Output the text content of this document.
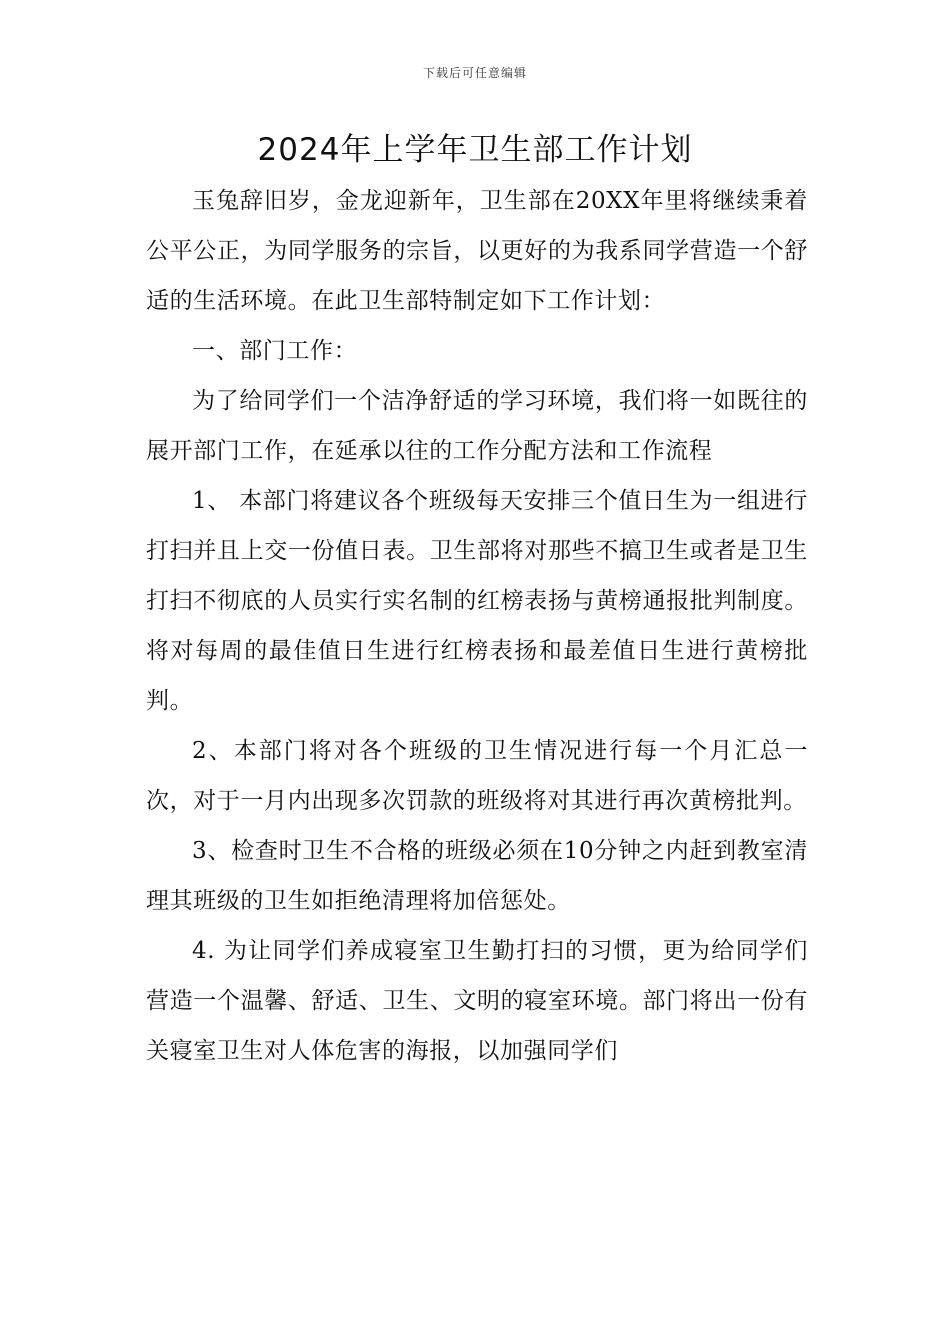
下载后可任意编辑
2024年上学年卫生部工作计划

玉兔辞旧岁，金龙迎新年，卫生部在20XX年里将继续秉着公平公正，为同学服务的宗旨，以更好的为我系同学营造一个舒适的生活环境。在此卫生部特制定如下工作计划：

一、部门工作：

为了给同学们一个洁净舒适的学习环境，我们将一如既往的展开部门工作，在延承以往的工作分配方法和工作流程

1、 本部门将建议各个班级每天安排三个值日生为一组进行打扫并且上交一份值日表。卫生部将对那些不搞卫生或者是卫生打扫不彻底的人员实行实名制的红榜表扬与黄榜通报批判制度。将对每周的最佳值日生进行红榜表扬和最差值日生进行黄榜批判。

2、本部门将对各个班级的卫生情况进行每一个月汇总一次，对于一月内出现多次罚款的班级将对其进行再次黄榜批判。

3、检查时卫生不合格的班级必须在10分钟之内赶到教室清理其班级的卫生如拒绝清理将加倍惩处。

4. 为让同学们养成寝室卫生勤打扫的习惯，更为给同学们营造一个温馨、舒适、卫生、文明的寝室环境。部门将出一份有关寝室卫生对人体危害的海报，以加强同学们
